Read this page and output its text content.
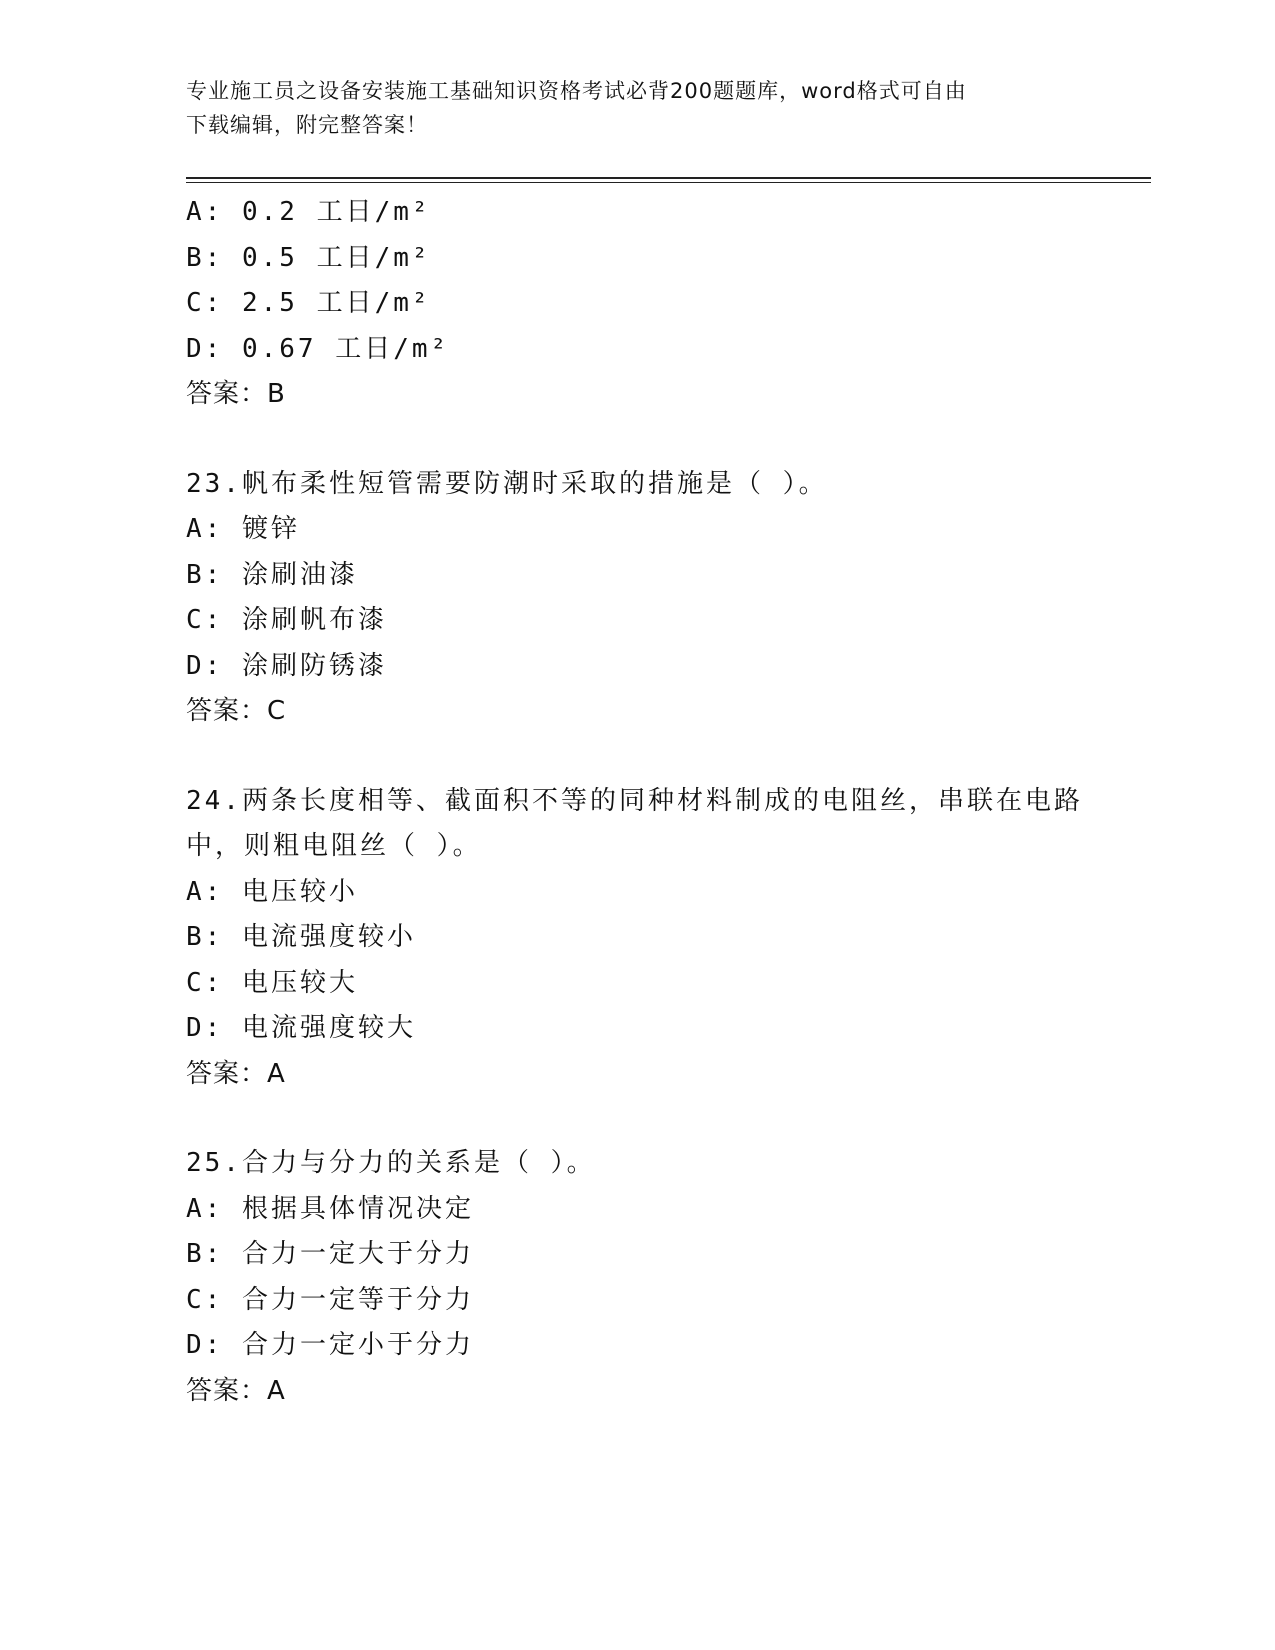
专业施工员之设备安装施工基础知识资格考试必背200题题库，word格式可自由
下载编辑，附完整答案！
A: 0.2 工日/m²
B: 0.5 工日/m²
C: 2.5 工日/m²
D: 0.67 工日/m²
答案：B
23.帆布柔性短管需要防潮时采取的措施是（ ）。
A: 镀锌
B: 涂刷油漆
C: 涂刷帆布漆
D: 涂刷防锈漆
答案：C
24.两条长度相等、截面积不等的同种材料制成的电阻丝，串联在电路
中，则粗电阻丝（ ）。
A: 电压较小
B: 电流强度较小
C: 电压较大
D: 电流强度较大
答案：A
25.合力与分力的关系是（ ）。
A: 根据具体情况决定
B: 合力一定大于分力
C: 合力一定等于分力
D: 合力一定小于分力
答案：A
